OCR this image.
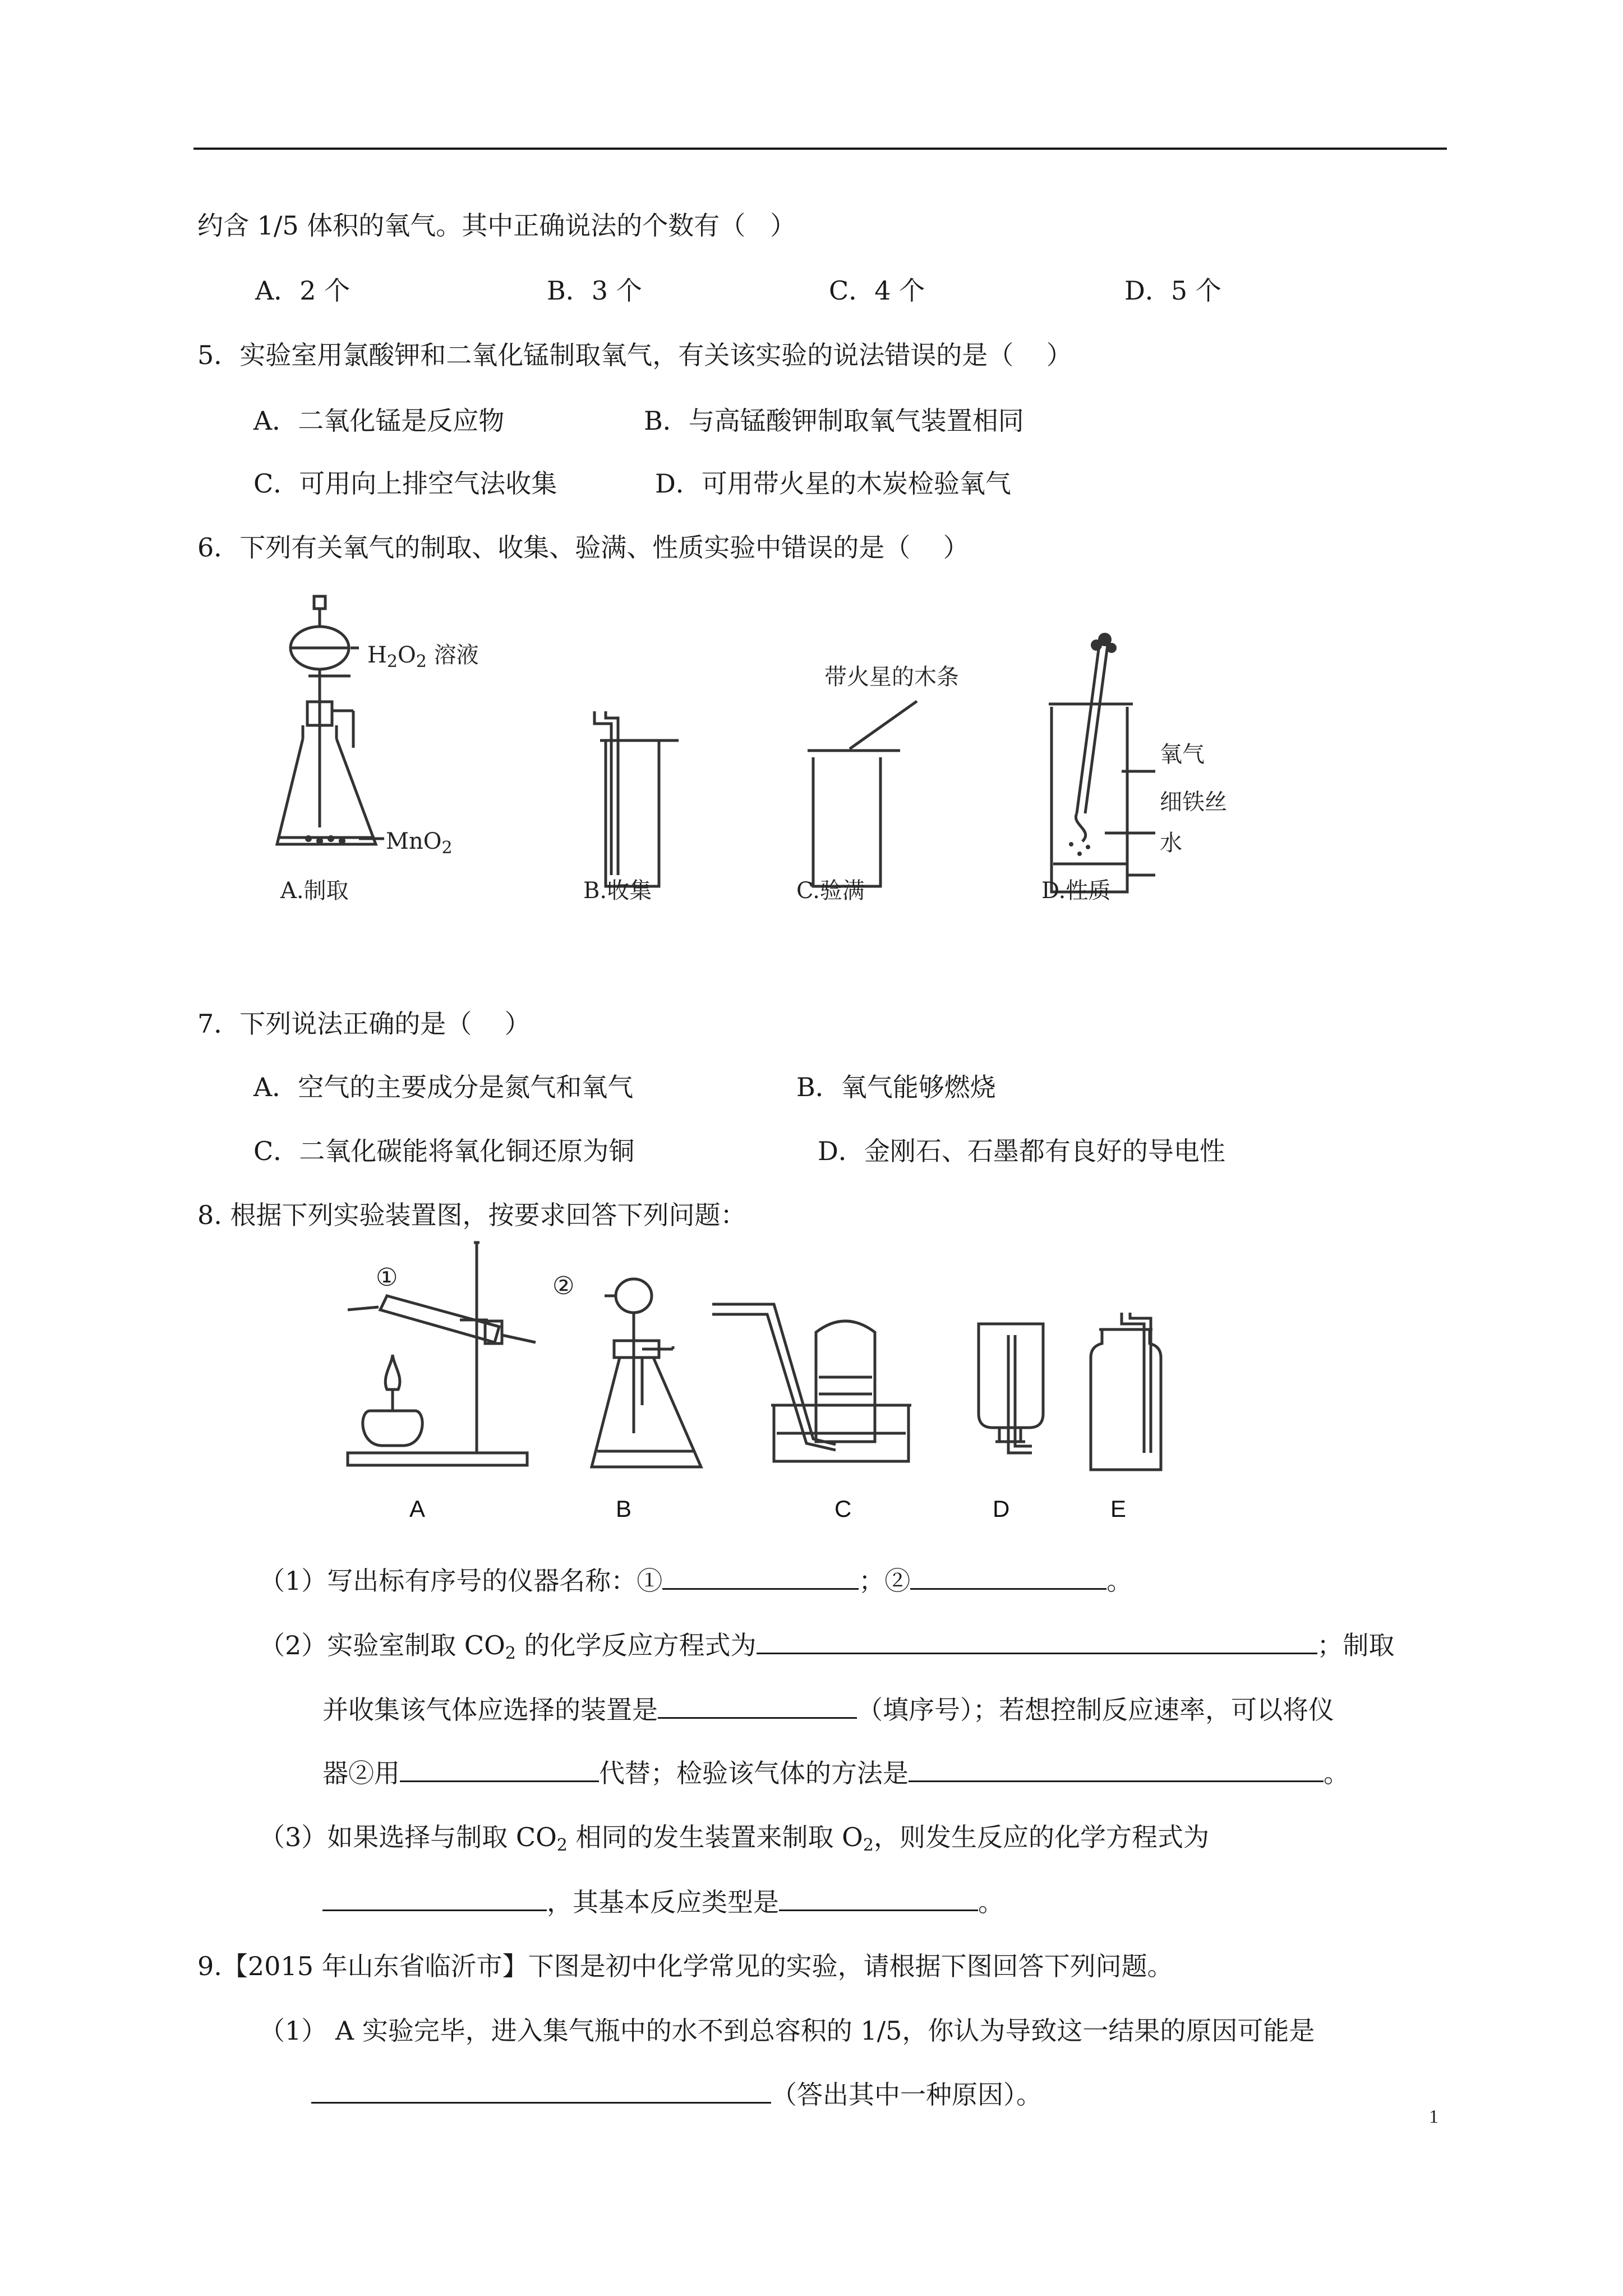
约含 1/5 体积的氧气。其中正确说法的个数有（   ）
A．2 个	B．3 个	C．4 个	D．5 个
5．实验室用氯酸钾和二氧化锰制取氧气，有关该实验的说法错误的是（    ）
A．二氧化锰是反应物	B．与高锰酸钾制取氧气装置相同
C．可用向上排空气法收集	D．可用带火星的木炭检验氧气
6．下列有关氧气的制取、收集、验满、性质实验中错误的是（    ）
$H_2O_2$ 溶液
MnO$_2$
带火星的木条
氧气
细铁丝
水
A.制取	B.收集	C.验满	D.性质
7．下列说法正确的是（    ）
A．空气的主要成分是氮气和氧气	B．氧气能够燃烧
C．二氧化碳能将氧化铜还原为铜	D．金刚石、石墨都有良好的导电性
8. 根据下列实验装置图，按要求回答下列问题：
①	②
A	B	C	D	E
（1）写出标有序号的仪器名称：①	；②	。
（2）实验室制取 $CO_2$ 的化学反应方程式为	；制取
并收集该气体应选择的装置是	（填序号）；若想控制反应速率，可以将仪
器②用	代替；检验该气体的方法是	。
（3）如果选择与制取 $CO_2$ 相同的发生装置来制取 $O_2$，则发生反应的化学方程式为
，其基本反应类型是	。
9.【2015 年山东省临沂市】下图是初中化学常见的实验，请根据下图回答下列问题。
（1） A 实验完毕，进入集气瓶中的水不到总容积的 1/5，你认为导致这一结果的原因可能是
（答出其中一种原因）。
1
